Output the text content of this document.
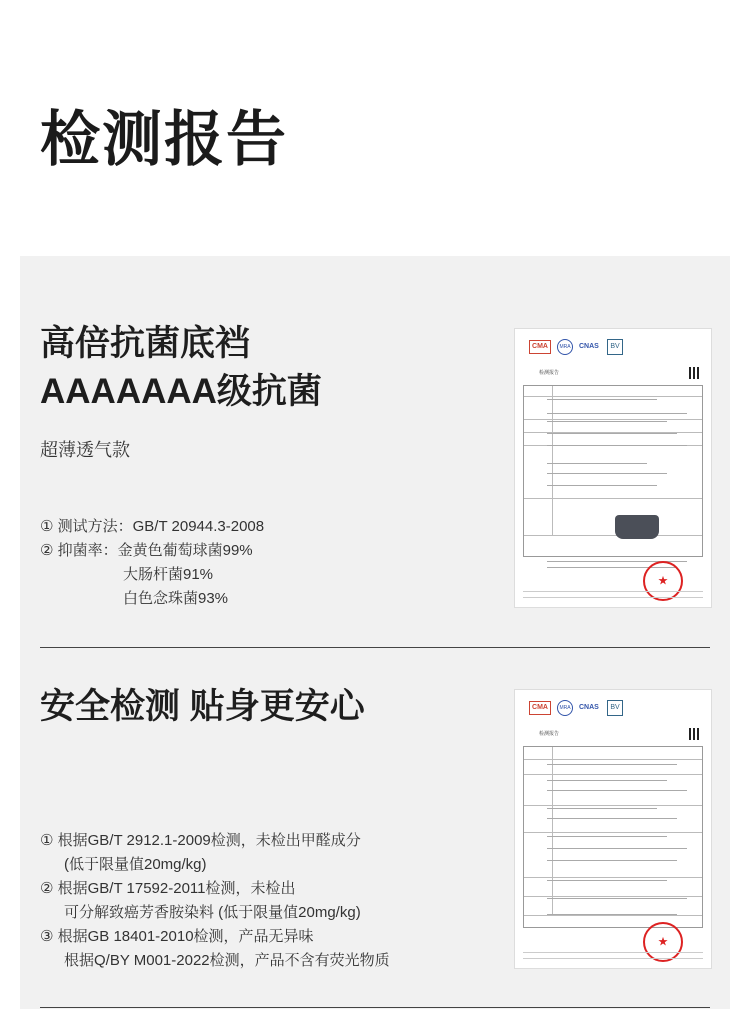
检测报告
高倍抗菌底裆
AAAAAAA级抗菌
超薄透气款
① 测试方法：GB/T 20944.3-2008
② 抑菌率：金黄色葡萄球菌99%
大肠杆菌91%
白色念珠菌93%
CMA	MRA	CNAS	BV
检测报告
★
安全检测 贴身更安心
① 根据GB/T 2912.1-2009检测，未检出甲醛成分
(低于限量值20mg/kg)
② 根据GB/T 17592-2011检测，未检出
可分解致癌芳香胺染料 (低于限量值20mg/kg)
③ 根据GB 18401-2010检测，产品无异味
根据Q/BY M001-2022检测，产品不含有荧光物质
CMA	MRA	CNAS	BV
检测报告
★
